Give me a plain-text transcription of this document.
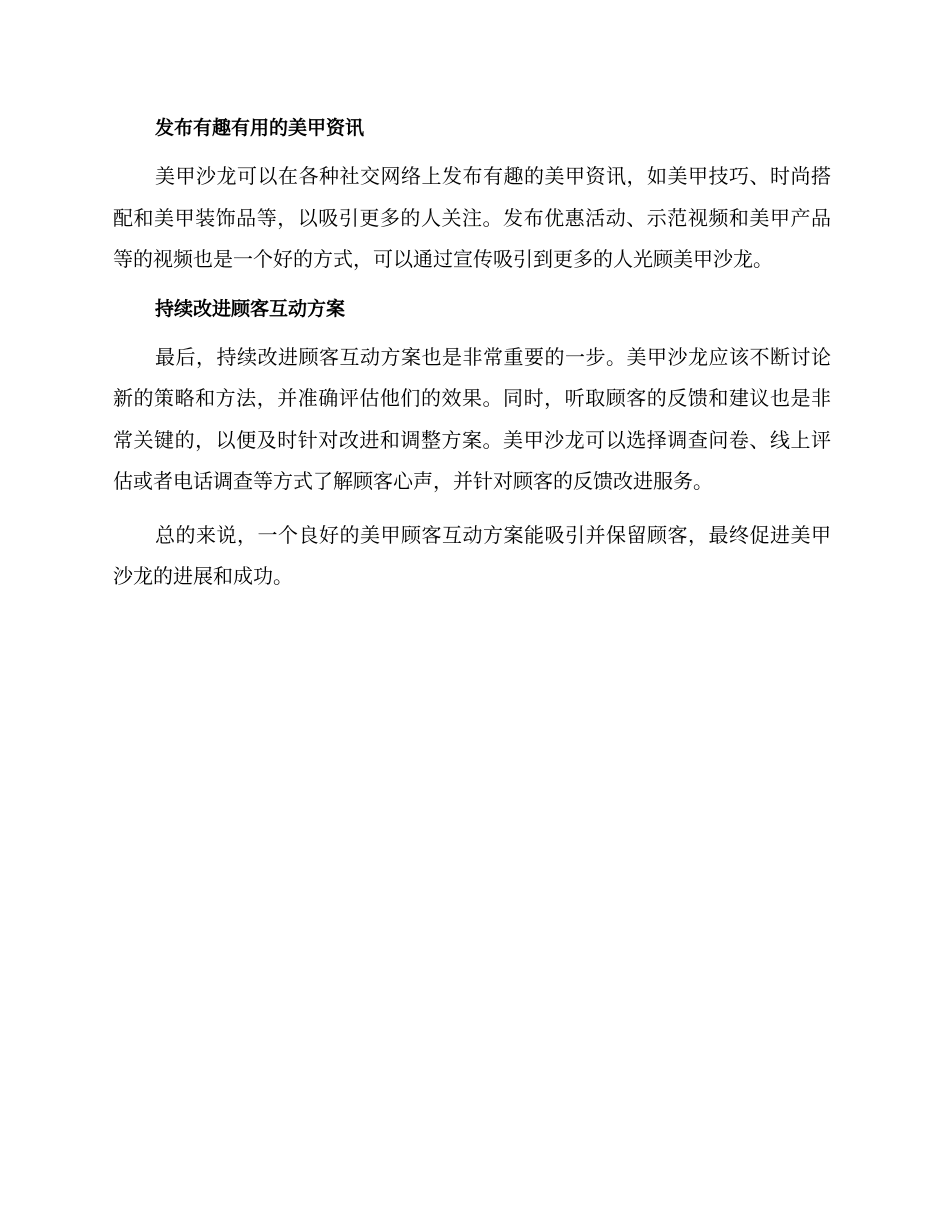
发布有趣有用的美甲资讯

美甲沙龙可以在各种社交网络上发布有趣的美甲资讯，如美甲技巧、时尚搭配和美甲装饰品等，以吸引更多的人关注。发布优惠活动、示范视频和美甲产品等的视频也是一个好的方式，可以通过宣传吸引到更多的人光顾美甲沙龙。

持续改进顾客互动方案

最后，持续改进顾客互动方案也是非常重要的一步。美甲沙龙应该不断讨论新的策略和方法，并准确评估他们的效果。同时，听取顾客的反馈和建议也是非常关键的，以便及时针对改进和调整方案。美甲沙龙可以选择调查问卷、线上评估或者电话调查等方式了解顾客心声，并针对顾客的反馈改进服务。

总的来说，一个良好的美甲顾客互动方案能吸引并保留顾客，最终促进美甲沙龙的进展和成功。
